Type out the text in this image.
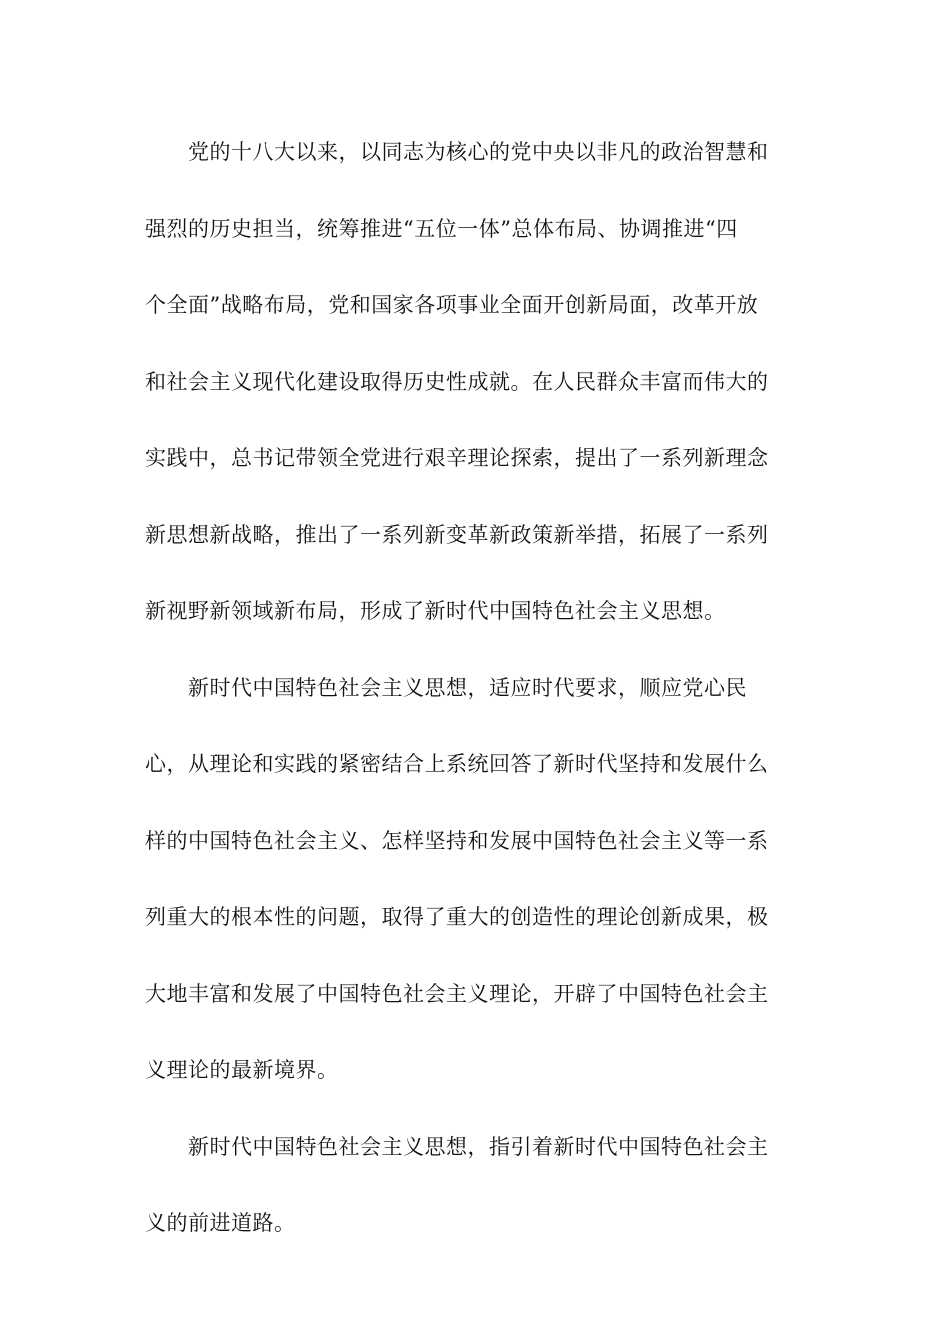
党的十八大以来，以同志为核心的党中央以非凡的政治智慧和
强烈的历史担当，统筹推进“五位一体”总体布局、协调推进“四
个全面”战略布局，党和国家各项事业全面开创新局面，改革开放
和社会主义现代化建设取得历史性成就。在人民群众丰富而伟大的
实践中，总书记带领全党进行艰辛理论探索，提出了一系列新理念
新思想新战略，推出了一系列新变革新政策新举措，拓展了一系列
新视野新领域新布局，形成了新时代中国特色社会主义思想。
新时代中国特色社会主义思想，适应时代要求，顺应党心民
心，从理论和实践的紧密结合上系统回答了新时代坚持和发展什么
样的中国特色社会主义、怎样坚持和发展中国特色社会主义等一系
列重大的根本性的问题，取得了重大的创造性的理论创新成果，极
大地丰富和发展了中国特色社会主义理论，开辟了中国特色社会主
义理论的最新境界。
新时代中国特色社会主义思想，指引着新时代中国特色社会主
义的前进道路。
